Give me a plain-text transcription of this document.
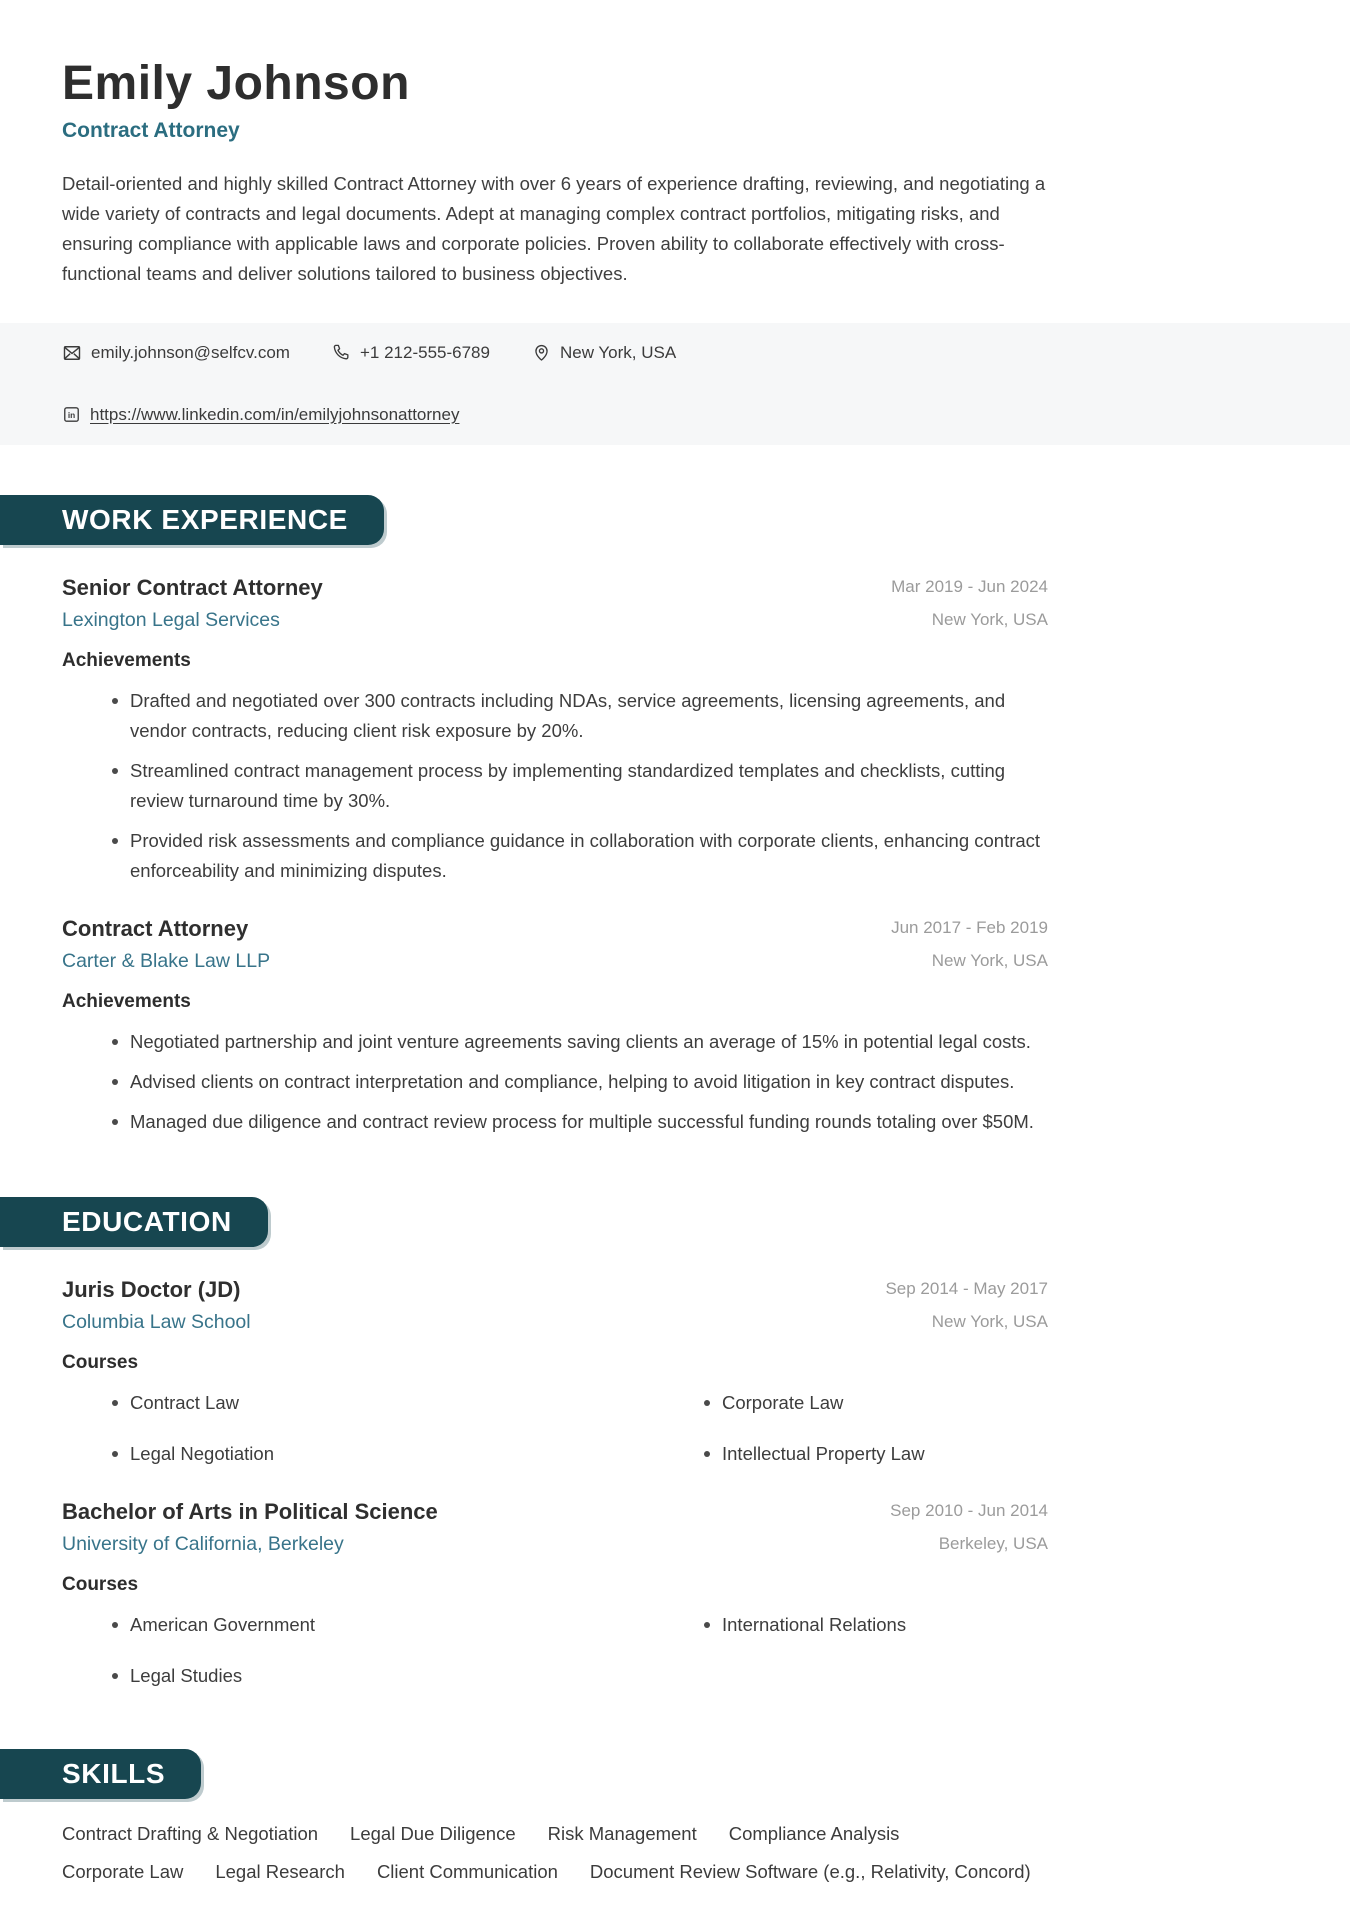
Emily Johnson
Contract Attorney

Detail-oriented and highly skilled Contract Attorney with over 6 years of experience drafting, reviewing, and negotiating a wide variety of contracts and legal documents. Adept at managing complex contract portfolios, mitigating risks, and ensuring compliance with applicable laws and corporate policies. Proven ability to collaborate effectively with cross-functional teams and deliver solutions tailored to business objectives.

emily.johnson@selfcv.com	+1 212-555-6789	New York, USA
in https://www.linkedin.com/in/emilyjohnsonattorney
WORK EXPERIENCE
Senior Contract Attorney
Lexington Legal Services
Mar 2019 - Jun 2024
New York, USA
Achievements
Drafted and negotiated over 300 contracts including NDAs, service agreements, licensing agreements, and vendor contracts, reducing client risk exposure by 20%.
Streamlined contract management process by implementing standardized templates and checklists, cutting review turnaround time by 30%.
Provided risk assessments and compliance guidance in collaboration with corporate clients, enhancing contract enforceability and minimizing disputes.
Contract Attorney
Carter & Blake Law LLP
Jun 2017 - Feb 2019
New York, USA
Achievements
Negotiated partnership and joint venture agreements saving clients an average of 15% in potential legal costs.
Advised clients on contract interpretation and compliance, helping to avoid litigation in key contract disputes.
Managed due diligence and contract review process for multiple successful funding rounds totaling over $50M.
EDUCATION
Juris Doctor (JD)
Columbia Law School
Sep 2014 - May 2017
New York, USA
Courses
Contract Law	Corporate Law
Legal Negotiation	Intellectual Property Law
Bachelor of Arts in Political Science
University of California, Berkeley
Sep 2010 - Jun 2014
Berkeley, USA
Courses
American Government	International Relations
Legal Studies
SKILLS
Contract Drafting & Negotiation Legal Due Diligence Risk Management Compliance Analysis
Corporate Law Legal Research Client Communication Document Review Software (e.g., Relativity, Concord)
